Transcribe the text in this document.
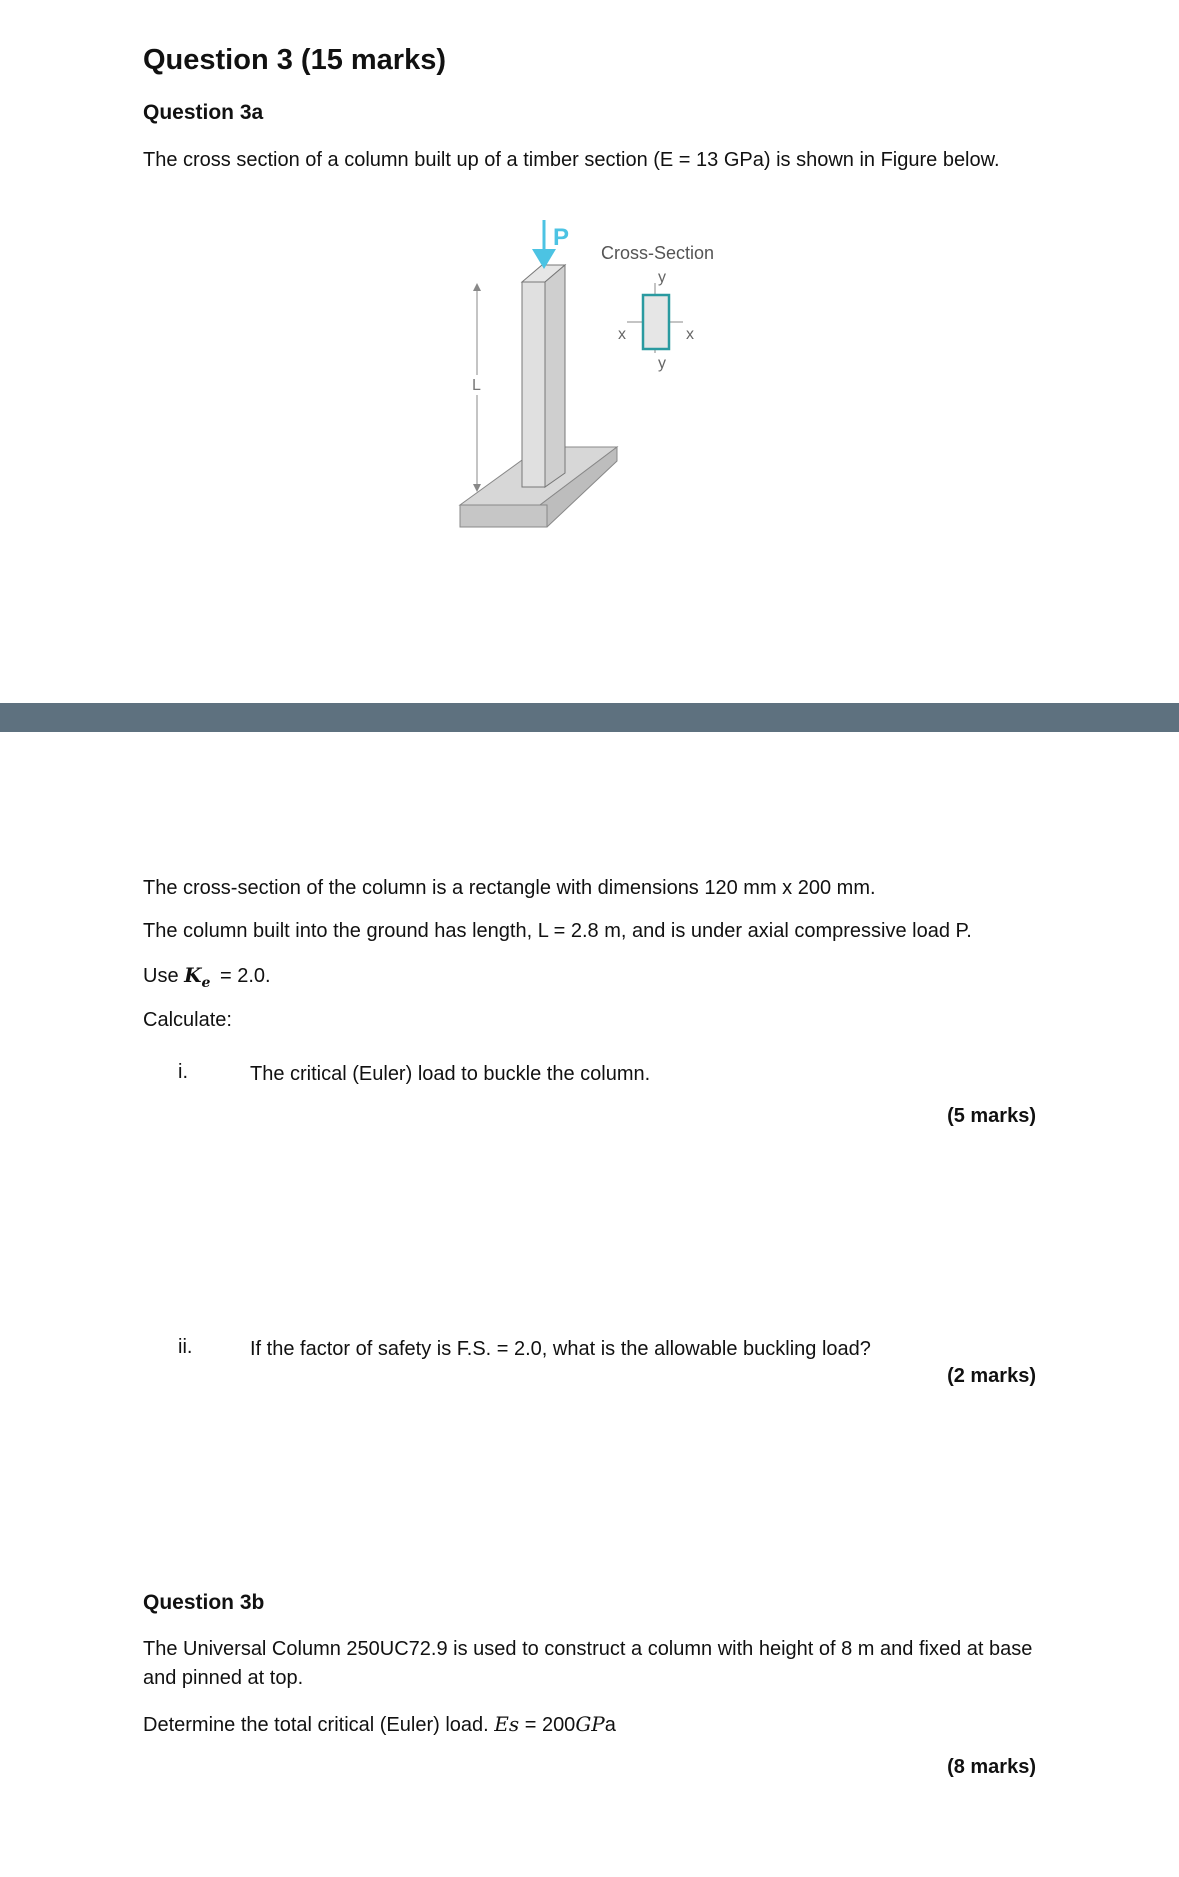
Question 3 (15 marks)
Question 3a
The cross section of a column built up of a timber section (E = 13 GPa) is shown in Figure below.
P
L
Cross-Section
y
y
x	x
The cross-section of the column is a rectangle with dimensions 120 mm x 200 mm.
The column built into the ground has length, L = 2.8 m, and is under axial compressive load P.
Use $K_e = 2.0$.
Calculate:
i.	The critical (Euler) load to buckle the column.
(5 marks)
ii.	If the factor of safety is F.S. = 2.0, what is the allowable buckling load?
(2 marks)
Question 3b
The Universal Column 250UC72.9 is used to construct a column with height of 8 m and fixed at base
and pinned at top.
Determine the total critical (Euler) load. Es = 200GPa
(8 marks)
